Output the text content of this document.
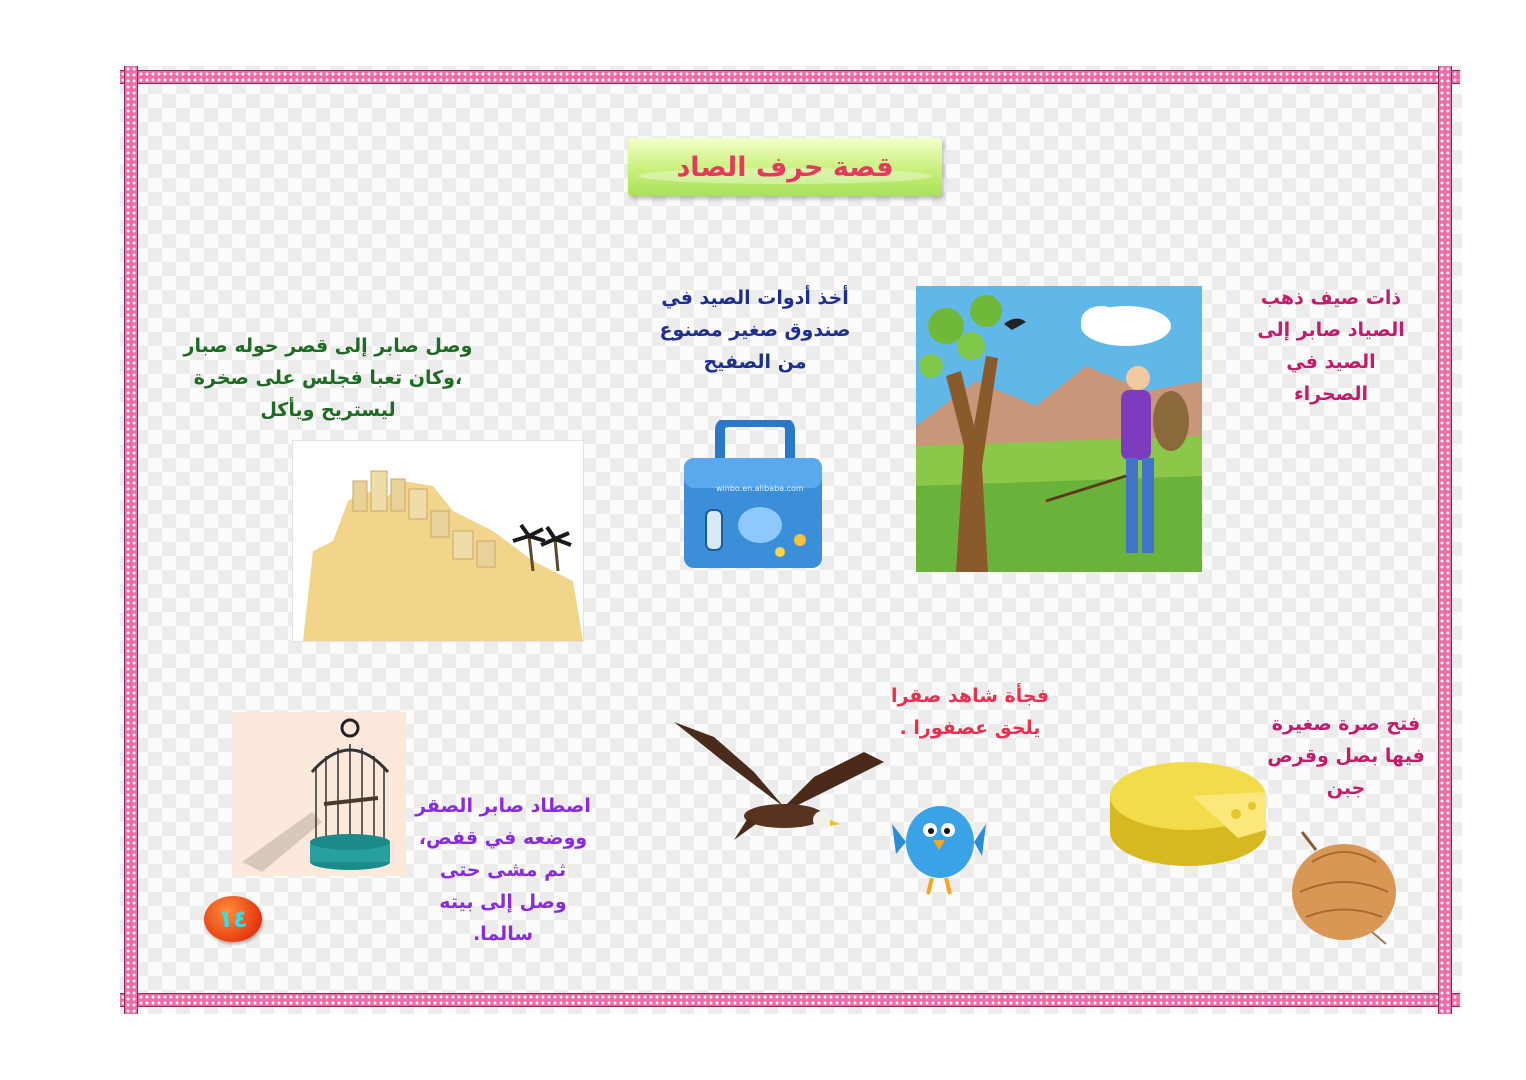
قصة حرف الصاد
ذات صيف ذهب
الصياد صابر إلى
الصيد في
الصحراء
أخذ أدوات الصيد في
صندوق صغير مصنوع
من الصفيح
وصل صابر إلى قصر حوله صبار
،وكان تعبا فجلس على صخرة
ليستريح ويأكل
فتح صرة صغيرة
فيها بصل وقرص
جبن
فجأة شاهد صقرا
يلحق عصفورا .
اصطاد صابر الصقر
ووضعه في قفص،
ثم مشى حتى
وصل إلى بيته
سالما.
winbo.en.alibaba.com
١٤
